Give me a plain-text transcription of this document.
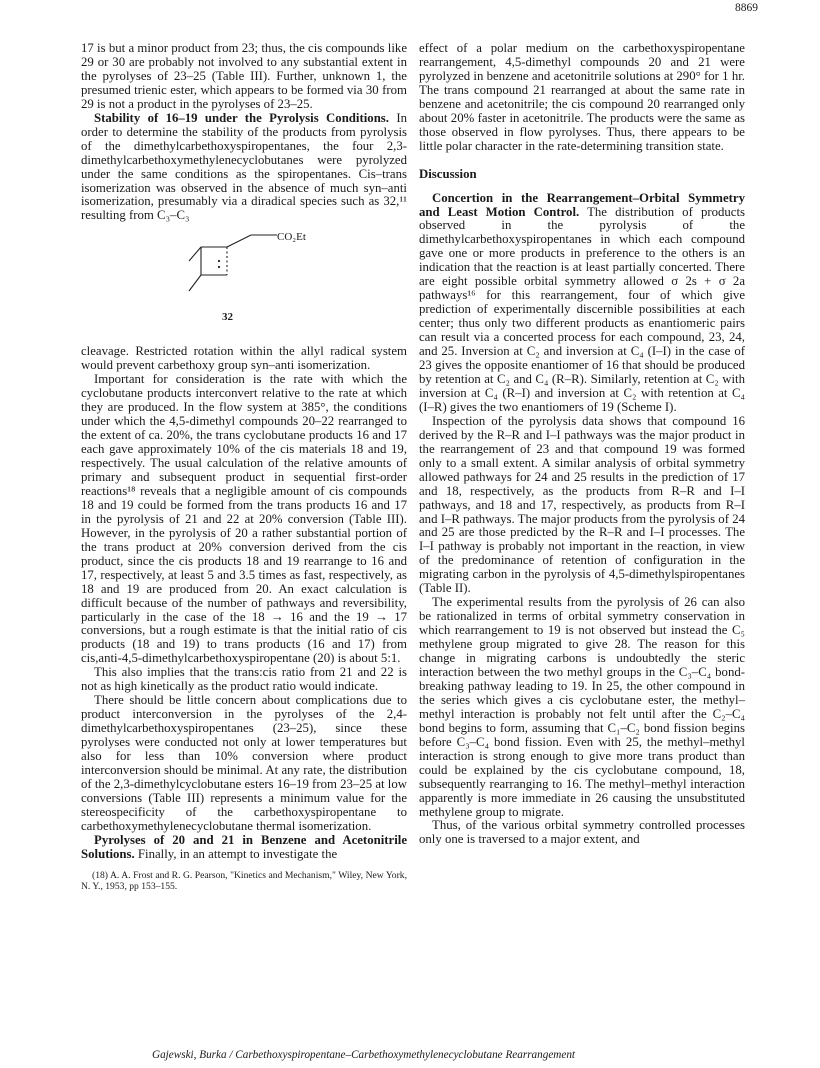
8869

17 is but a minor product from 23; thus, the cis compounds like 29 or 30 are probably not involved to any substantial extent in the pyrolyses of 23–25 (Table III). Further, unknown 1, the presumed trienic ester, which appears to be formed via 30 from 29 is not a product in the pyrolyses of 23–25.

Stability of 16–19 under the Pyrolysis Conditions. In order to determine the stability of the products from pyrolysis of the dimethylcarbethoxyspiropentanes, the four 2,3-dimethylcarbethoxymethylenecyclobutanes were pyrolyzed under the same conditions as the spiropentanes. Cis–trans isomerization was observed in the absence of much syn–anti isomerization, presumably via a diradical species such as 32,¹¹ resulting from C₃–C₃

CO₂Et
32

cleavage. Restricted rotation within the allyl radical system would prevent carbethoxy group syn–anti isomerization.

Important for consideration is the rate with which the cyclobutane products interconvert relative to the rate at which they are produced. In the flow system at 385°, the conditions under which the 4,5-dimethyl compounds 20–22 rearranged to the extent of ca. 20%, the trans cyclobutane products 16 and 17 each gave approximately 10% of the cis materials 18 and 19, respectively. The usual calculation of the relative amounts of primary and subsequent product in sequential first-order reactions¹⁸ reveals that a negligible amount of cis compounds 18 and 19 could be formed from the trans products 16 and 17 in the pyrolysis of 21 and 22 at 20% conversion (Table III). However, in the pyrolysis of 20 a rather substantial portion of the trans product at 20% conversion derived from the cis product, since the cis products 18 and 19 rearrange to 16 and 17, respectively, at least 5 and 3.5 times as fast, respectively, as 18 and 19 are produced from 20. An exact calculation is difficult because of the number of pathways and reversibility, particularly in the case of the 18 → 16 and the 19 → 17 conversions, but a rough estimate is that the initial ratio of cis products (18 and 19) to trans products (16 and 17) from cis,anti-4,5-dimethylcarbethoxyspiropentane (20) is about 5:1.

This also implies that the trans:cis ratio from 21 and 22 is not as high kinetically as the product ratio would indicate.

There should be little concern about complications due to product interconversion in the pyrolyses of the 2,4-dimethylcarbethoxyspiropentanes (23–25), since these pyrolyses were conducted not only at lower temperatures but also for less than 10% conversion where product interconversion should be minimal. At any rate, the distribution of the 2,3-dimethylcyclobutane esters 16–19 from 23–25 at low conversions (Table III) represents a minimum value for the stereospecificity of the carbethoxyspiropentane to carbethoxymethylenecyclobutane thermal isomerization.

Pyrolyses of 20 and 21 in Benzene and Acetonitrile Solutions. Finally, in an attempt to investigate the

(18) A. A. Frost and R. G. Pearson, "Kinetics and Mechanism," Wiley, New York, N. Y., 1953, pp 153–155.

effect of a polar medium on the carbethoxyspiropentane rearrangement, 4,5-dimethyl compounds 20 and 21 were pyrolyzed in benzene and acetonitrile solutions at 290° for 1 hr. The trans compound 21 rearranged at about the same rate in benzene and acetonitrile; the cis compound 20 rearranged only about 20% faster in acetonitrile. The products were the same as those observed in flow pyrolyses. Thus, there appears to be little polar character in the rate-determining transition state.

Discussion

Concertion in the Rearrangement–Orbital Symmetry and Least Motion Control. The distribution of products observed in the pyrolysis of the dimethylcarbethoxyspiropentanes in which each compound gave one or more products in preference to the others is an indication that the reaction is at least partially concerted. There are eight possible orbital symmetry allowed σ 2s + σ 2a pathways¹⁶ for this rearrangement, four of which give prediction of experimentally discernible possibilities at each center; thus only two different products as enantiomeric pairs can result via a concerted process for each compound, 23, 24, and 25. Inversion at C₂ and inversion at C₄ (I–I) in the case of 23 gives the opposite enantiomer of 16 that should be produced by retention at C₂ and C₄ (R–R). Similarly, retention at C₂ with inversion at C₄ (R–I) and inversion at C₂ with retention at C₄ (I–R) gives the two enantiomers of 19 (Scheme I).

Inspection of the pyrolysis data shows that compound 16 derived by the R–R and I–I pathways was the major product in the rearrangement of 23 and that compound 19 was formed only to a small extent. A similar analysis of orbital symmetry allowed pathways for 24 and 25 results in the prediction of 17 and 18, respectively, as the products from R–R and I–I pathways, and 18 and 17, respectively, as products from R–I and I–R pathways. The major products from the pyrolysis of 24 and 25 are those predicted by the R–R and I–I processes. The I–I pathway is probably not important in the reaction, in view of the predominance of retention of configuration in the migrating carbon in the pyrolysis of 4,5-dimethylspiropentanes (Table II).

The experimental results from the pyrolysis of 26 can also be rationalized in terms of orbital symmetry conservation in which rearrangement to 19 is not observed but instead the C₅ methylene group migrated to give 28. The reason for this change in migrating carbons is undoubtedly the steric interaction between the two methyl groups in the C₃–C₄ bond-breaking pathway leading to 19. In 25, the other compound in the series which gives a cis cyclobutane ester, the methyl–methyl interaction is probably not felt until after the C₂–C₄ bond begins to form, assuming that C₁–C₂ bond fission begins before C₃–C₄ bond fission. Even with 25, the methyl–methyl interaction is strong enough to give more trans product than could be explained by the cis cyclobutane compound, 18, subsequently rearranging to 16. The methyl–methyl interaction apparently is more immediate in 26 causing the unsubstituted methylene group to migrate.

Thus, of the various orbital symmetry controlled processes only one is traversed to a major extent, and

Gajewski, Burka / Carbethoxyspiropentane–Carbethoxymethylenecyclobutane Rearrangement
